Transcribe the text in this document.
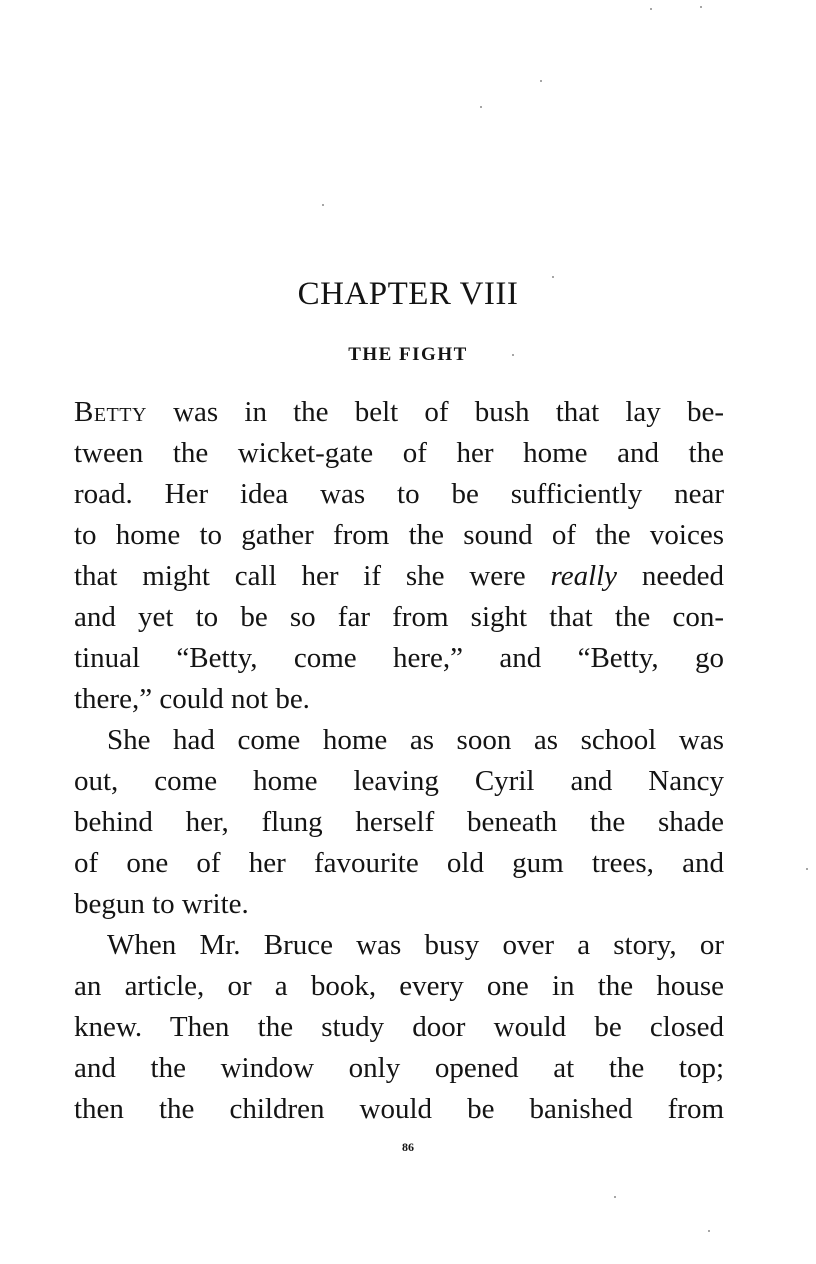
CHAPTER VIII
THE FIGHT
Betty was in the belt of bush that lay be-
tween the wicket-gate of her home and the
road. Her idea was to be sufficiently near
to home to gather from the sound of the voices
that might call her if she were really needed
and yet to be so far from sight that the con-
tinual “Betty, come here,” and “Betty, go
there,” could not be.
She had come home as soon as school was
out, come home leaving Cyril and Nancy
behind her, flung herself beneath the shade
of one of her favourite old gum trees, and
begun to write.
When Mr. Bruce was busy over a story, or
an article, or a book, every one in the house
knew. Then the study door would be closed
and the window only opened at the top;
then the children would be banished from
86
